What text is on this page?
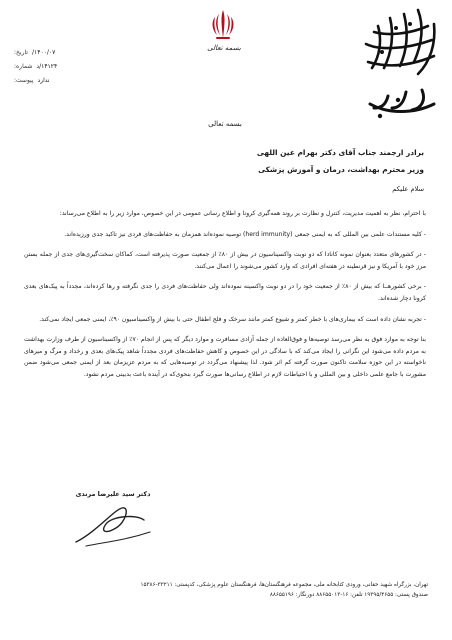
تاریخ: ۱۴۰۰/۰۷/
شماره: ۱۴۱۲۴/د
پیوست: ندارد
بسمه تعالی
بسمه تعالی
برادر ارجمند جناب آقای دکتر بهرام عین اللهی
وزیر محترم بهداشت، درمان و آموزش پزشکی
سلام علیکم

با احترام، نظر به اهمیت مدیریت، کنترل و نظارت بر روند همه‌گیری کرونا و اطلاع رسانی عمومی در این خصوص، موارد زیر را به اطلاع می‌رساند:

- کلیه مستندات علمی بین المللی که به ایمنی جمعی (herd immunity) توصیه نموده‌اند همزمان به حفاظت‌های فردی نیز تاکید جدی ورزیده‌اند.

- در کشورهای متعدد بعنوان نمونه کانادا که دو نوبت واکسیناسیون در بیش از ۸۰٪ از جمعیت صورت پذیرفته است، کماکان سخت‌گیری‌های جدی از جمله بستن مرز خود با آمریکا و نیز قرنطینه در هفته‌ای افرادی که وارد کشور می‌شوند را اعمال می‌کنند.

- برخی کشورهــا که بیش از ۸۰٪ از جمعیت خود را در دو نوبت واکسینه نموده‌اند ولی حفاظت‌های فردی را جدی نگرفته و رها کرده‌اند، مجدداً به پیک‌های بعدی کرونا دچار شده‌اند.

- تجربه نشان داده است که بیماری‌های با خطر کمتر و شیوع کمتر مانند سرخک و فلج اطفال حتی با بیش از واکسیناسیون ۹۰٪، ایمنی جمعی ایجاد نمی‌کند.

بنا توجه به موارد فوق به نظر می‌رسد توصیه‌ها و فوق‌العاده از جمله آزادی مسافرت و موارد دیگر که پس از انجام ۷۰٪ از واکسیناسیون از طرف وزارت بهداشت به مردم داده می‌شود این نگرانی را ایجاد می‌کند که با سادگی در این خصوص و کاهش حفاظت‌های فردی مجدداً شاهد پیک‌های بعدی و رخداد و مرگ و میرهای ناخواسته در این حوزه سلامت تاکنون صورت گرفته کم اثر شود. لذا پیشنهاد می‌گردد در توصیه‌هایی که به مردم عزیزمان بعد از ایمنی جمعی می‌شود ضمن مشورت با جامع علمی داخلی و بین المللی و با احتیاطات لازم در اطلاع رسانی‌ها صورت گیرد بنحوی‌که در آینده باعث بدبینی مردم نشود.

دکتر سید علیرضا مرندی
تهران، بزرگراه شهید حقانی، ورودی کتابخانه ملی، مجموعه فرهنگستان‌ها، فرهنگستان علوم پزشکی، کدپستی: ۳۳۲۱۱-۱۵۳۸۶
صندوق پستی: ۱۹۳۹۵/۴۶۵۵ تلفن: ۱۶-۸۸۶۵۵۰۱۳ دورنگار: ۸۸۶۵۵۱۹۶
